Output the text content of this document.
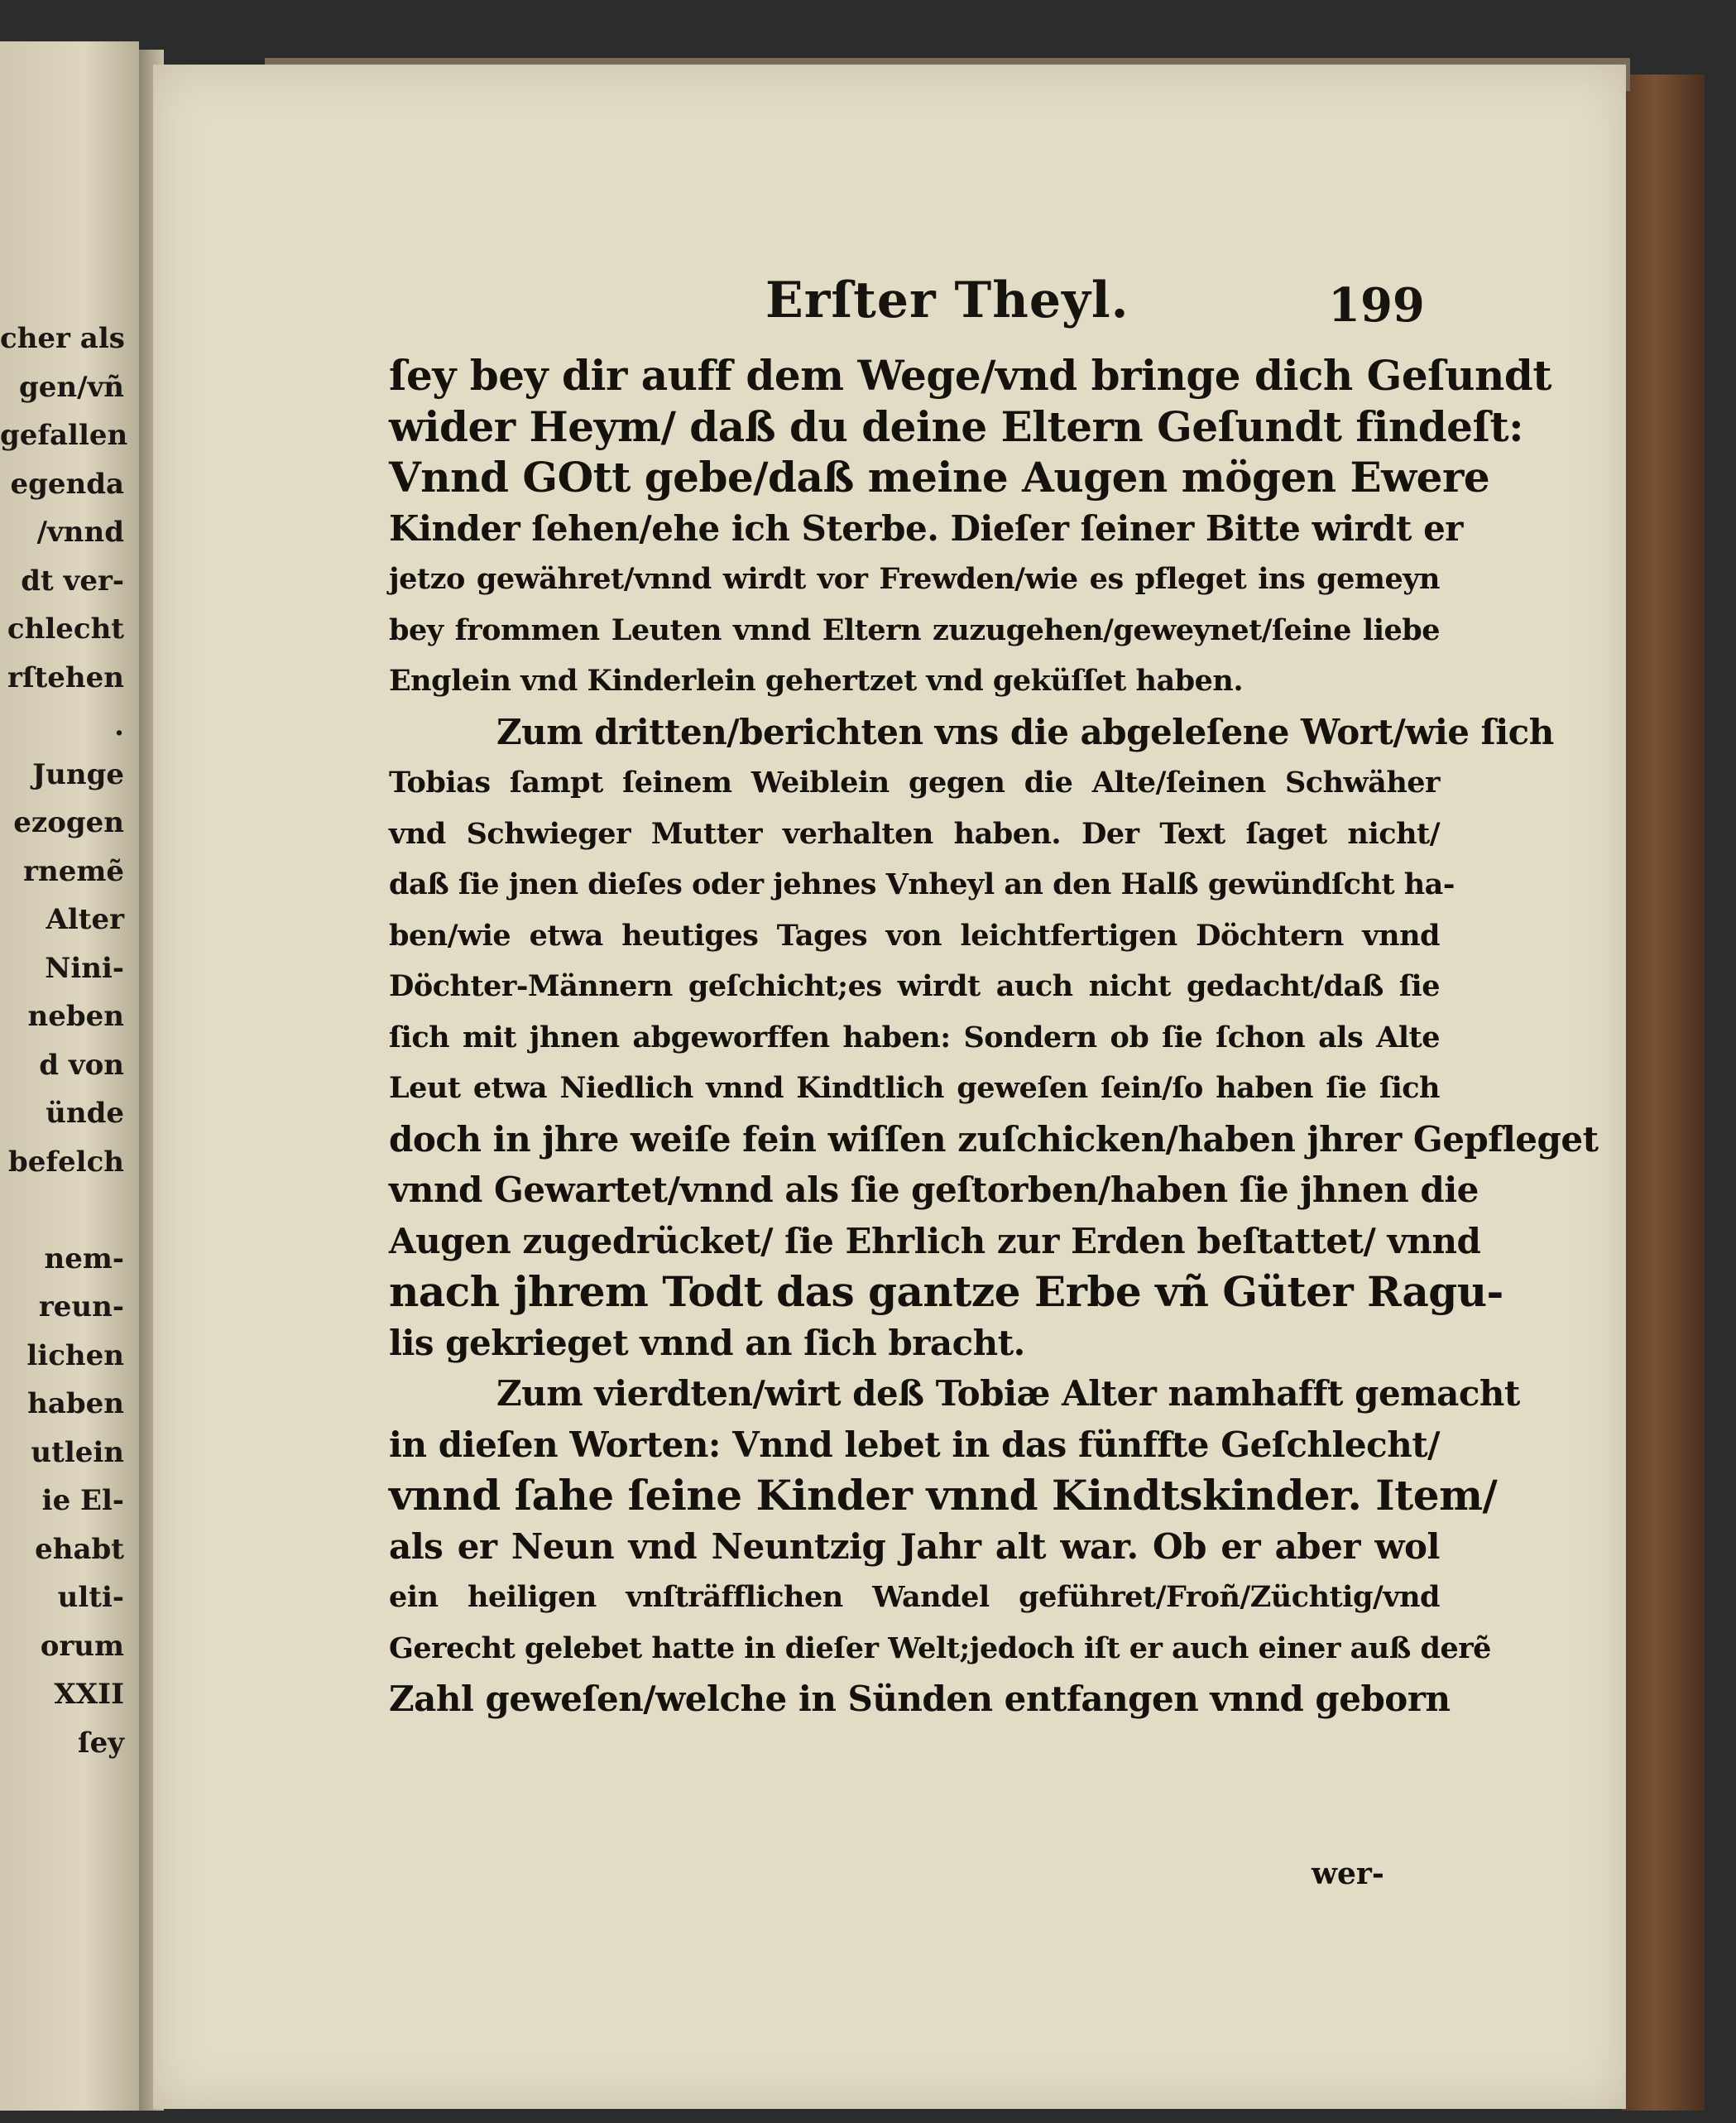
cher als
gen/vñ
gefallen
egenda
/vnnd
dt ver-
chlecht
rſtehen
.
Junge
ezogen
rnemẽ
Alter
Nini-
neben
d von
ünde
befelch

nem-
reun-
lichen
haben
utlein
ie El-
ehabt
ulti-
orum
XXII
ſey
Erſter Theyl.	199
ſey bey dir auff dem Wege/vnd bringe dich Geſundt
wider Heym/ daß du deine Eltern Geſundt findeſt:
Vnnd GOtt gebe/daß meine Augen mögen Ewere
Kinder ſehen/ehe ich Sterbe. Dieſer ſeiner Bitte wirdt er
jetzo gewähret/vnnd wirdt vor Frewden/wie es pfleget ins gemeyn
bey frommen Leuten vnnd Eltern zuzugehen/geweynet/ſeine liebe
Englein vnd Kinderlein gehertzet vnd geküſſet haben.
Zum dritten/berichten vns die abgeleſene Wort/wie ſich
Tobias ſampt ſeinem Weiblein gegen die Alte/ſeinen Schwäher
vnd Schwieger Mutter verhalten haben. Der Text ſaget nicht/
daß ſie jnen dieſes oder jehnes Vnheyl an den Halß gewündſcht ha-
ben/wie etwa heutiges Tages von leichtfertigen Döchtern vnnd
Döchter-Männern geſchicht;es wirdt auch nicht gedacht/daß ſie
ſich mit jhnen abgeworffen haben: Sondern ob ſie ſchon als Alte
Leut etwa Niedlich vnnd Kindtlich geweſen ſein/ſo haben ſie ſich
doch in jhre weiſe fein wiſſen zuſchicken/haben jhrer Gepfleget
vnnd Gewartet/vnnd als ſie geſtorben/haben ſie jhnen die
Augen zugedrücket/ ſie Ehrlich zur Erden beſtattet/ vnnd
nach jhrem Todt das gantze Erbe vñ Güter Ragu-
lis gekrieget vnnd an ſich bracht.
Zum vierdten/wirt deß Tobiæ Alter namhafft gemacht
in dieſen Worten: Vnnd lebet in das fünffte Geſchlecht/
vnnd ſahe ſeine Kinder vnnd Kindtskinder. Item/
als er Neun vnd Neuntzig Jahr alt war. Ob er aber wol
ein heiligen vnſträfflichen Wandel geführet/Froñ/Züchtig/vnd
Gerecht gelebet hatte in dieſer Welt;jedoch iſt er auch einer auß derẽ
Zahl geweſen/welche in Sünden entfangen vnnd geborn
wer-
